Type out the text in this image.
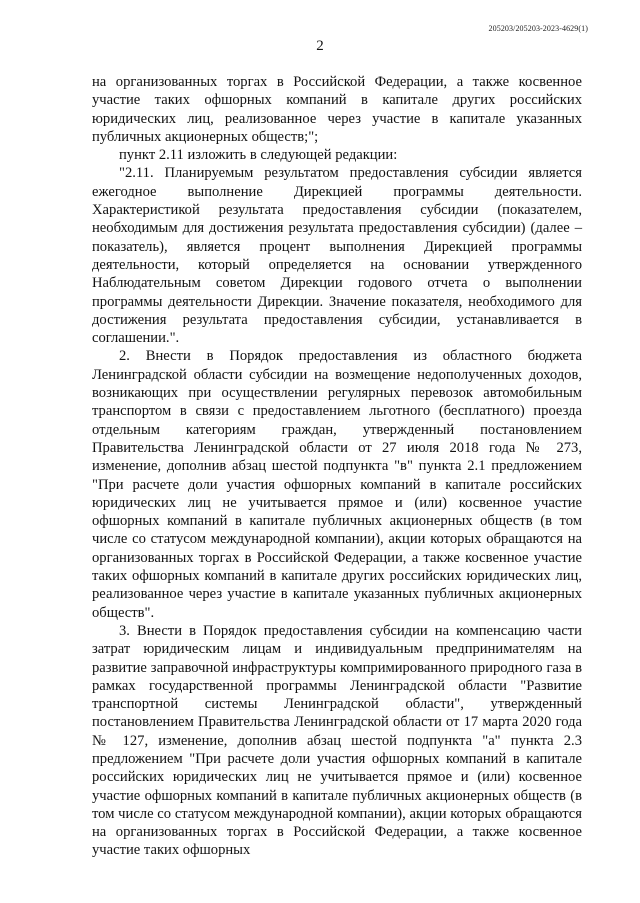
205203/205203-2023-4629(1)
2

на организованных торгах в Российской Федерации, а также косвенное участие таких офшорных компаний в капитале других российских юридических лиц, реализованное через участие в капитале указанных публичных акционерных обществ;";

пункт 2.11 изложить в следующей редакции:

"2.11. Планируемым результатом предоставления субсидии является ежегодное выполнение Дирекцией программы деятельности. Характеристикой результата предоставления субсидии (показателем, необходимым для достижения результата предоставления субсидии) (далее – показатель), является процент выполнения Дирекцией программы деятельности, который определяется на основании утвержденного Наблюдательным советом Дирекции годового отчета о выполнении программы деятельности Дирекции. Значение показателя, необходимого для достижения результата предоставления субсидии, устанавливается в соглашении.".

2. Внести в Порядок предоставления из областного бюджета Ленинградской области субсидии на возмещение недополученных доходов, возникающих при осуществлении регулярных перевозок автомобильным транспортом в связи с предоставлением льготного (бесплатного) проезда отдельным категориям граждан, утвержденный постановлением Правительства Ленинградской области от 27 июля 2018 года № 273, изменение, дополнив абзац шестой подпункта "в" пункта 2.1 предложением "При расчете доли участия офшорных компаний в капитале российских юридических лиц не учитывается прямое и (или) косвенное участие офшорных компаний в капитале публичных акционерных обществ (в том числе со статусом международной компании), акции которых обращаются на организованных торгах в Российской Федерации, а также косвенное участие таких офшорных компаний в капитале других российских юридических лиц, реализованное через участие в капитале указанных публичных акционерных обществ".

3. Внести в Порядок предоставления субсидии на компенсацию части затрат юридическим лицам и индивидуальным предпринимателям на развитие заправочной инфраструктуры компримированного природного газа в рамках государственной программы Ленинградской области "Развитие транспортной системы Ленинградской области", утвержденный постановлением Правительства Ленинградской области от 17 марта 2020 года № 127, изменение, дополнив абзац шестой подпункта "а" пункта 2.3 предложением "При расчете доли участия офшорных компаний в капитале российских юридических лиц не учитывается прямое и (или) косвенное участие офшорных компаний в капитале публичных акционерных обществ (в том числе со статусом международной компании), акции которых обращаются на организованных торгах в Российской Федерации, а также косвенное участие таких офшорных
